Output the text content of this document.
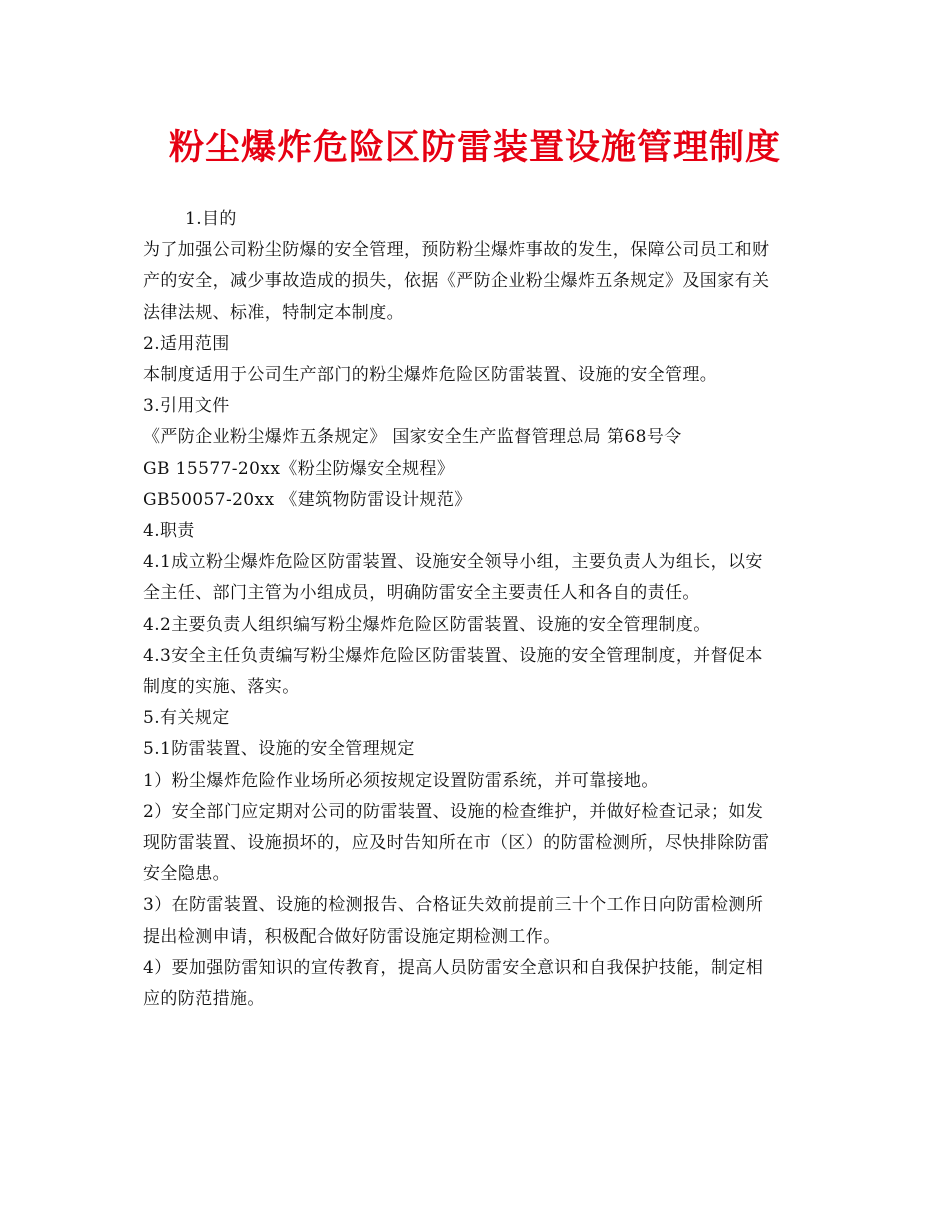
粉尘爆炸危险区防雷装置设施管理制度

1.目的

为了加强公司粉尘防爆的安全管理，预防粉尘爆炸事故的发生，保障公司员工和财

产的安全，减少事故造成的损失，依据《严防企业粉尘爆炸五条规定》及国家有关

法律法规、标准，特制定本制度。

2.适用范围

本制度适用于公司生产部门的粉尘爆炸危险区防雷装置、设施的安全管理。

3.引用文件

《严防企业粉尘爆炸五条规定》 国家安全生产监督管理总局 第68号令

GB 15577-20xx《粉尘防爆安全规程》

GB50057-20xx 《建筑物防雷设计规范》

4.职责

4.1成立粉尘爆炸危险区防雷装置、设施安全领导小组，主要负责人为组长，以安

全主任、部门主管为小组成员，明确防雷安全主要责任人和各自的责任。

4.2主要负责人组织编写粉尘爆炸危险区防雷装置、设施的安全管理制度。

4.3安全主任负责编写粉尘爆炸危险区防雷装置、设施的安全管理制度，并督促本

制度的实施、落实。

5.有关规定

5.1防雷装置、设施的安全管理规定

1）粉尘爆炸危险作业场所必须按规定设置防雷系统，并可靠接地。

2）安全部门应定期对公司的防雷装置、设施的检查维护，并做好检查记录；如发

现防雷装置、设施损坏的，应及时告知所在市（区）的防雷检测所，尽快排除防雷

安全隐患。

3）在防雷装置、设施的检测报告、合格证失效前提前三十个工作日向防雷检测所

提出检测申请，积极配合做好防雷设施定期检测工作。

4）要加强防雷知识的宣传教育，提高人员防雷安全意识和自我保护技能，制定相

应的防范措施。
